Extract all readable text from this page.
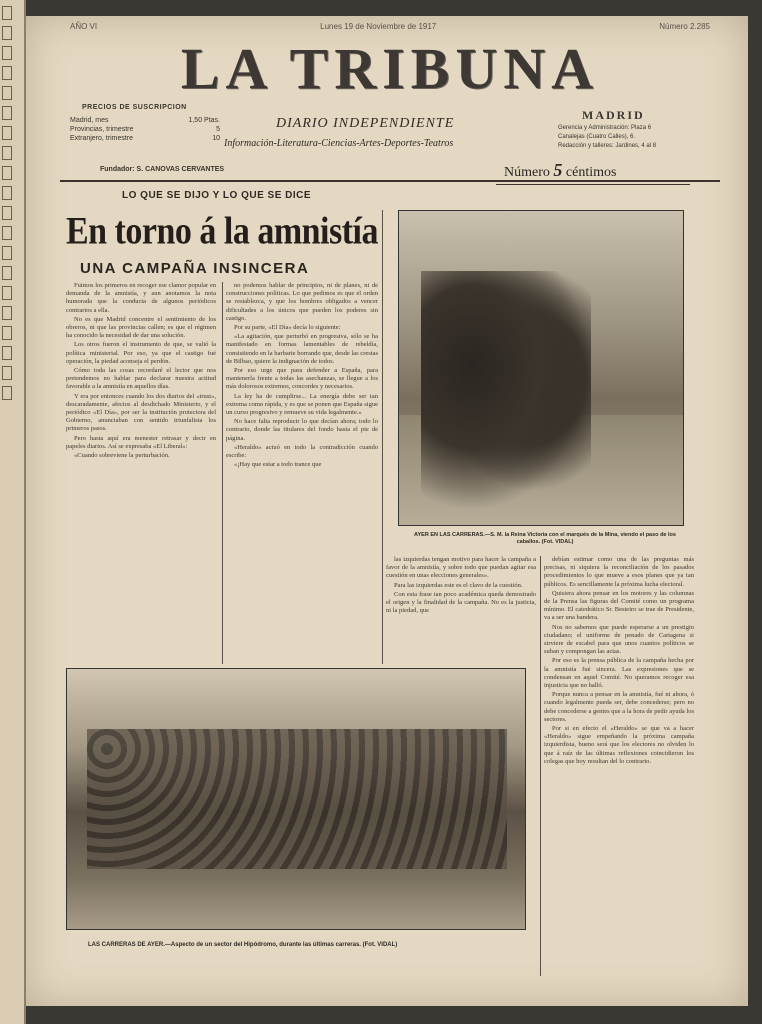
AÑO VI	Lunes 19 de Noviembre de 1917	Número 2.285
LA TRIBUNA
MADRID
DIARIO INDEPENDIENTE
Información-Literatura-Ciencias-Artes-Deportes-Teatros
PRECIOS DE SUSCRIPCION
Madrid, mes	1,50 Ptas.
Provincias, trimestre	5
Extranjero, trimestre	10
Fundador: S. CANOVAS CERVANTES
Gerencia y Administración: Plaza 6
Canalejas (Cuatro Calles), 6.
Redacción y talleres: Jardines, 4 al 8
Número 5 céntimos
LO QUE SE DIJO Y LO QUE SE DICE
En torno á la amnistía
UNA CAMPAÑA INSINCERA

Fuimos los primeros en recoger ese clamor popular en demanda de la amnistía, y aun anotamos la nota humorada que la conducta de algunos periódicos contrarios a ella.

No es que Madrid concentre el sentimiento de los obreros, ni que las provincias callen; es que el régimen ha conocido la necesidad de dar una solución.

Los otros fueron el instrumento de que, se valió la política ministerial. Por eso, ya que el castigo fué operación, la piedad aconseja el perdón.

Cómo toda las cosas recordaré el lector que nos pretendemos no hablar para declarar nuestra actitud favorable a la amnistía en aquellos días.

Y era por entonces cuando los dos diarios del «trust», descaradamente, afectos al desdichado Ministerio, y el periódico «El Día», por ser la institución protectora del Gobierno, anunciaban con sentido triunfalista los primeros pasos.

Pero hasta aquí era menester retrasar y decir en papeles diarios. Así se expresaba «El Liberal»:

«Cuando sobreviene la perturbación.

no podemos hablar de principios, ni de planes, ni de construcciones políticas. Lo que pedimos es que el orden se restablezca, y que los hombres obligados a vencer dificultades a los únicos que pueden los poderes sin castigo.

Por su parte, «El Día» decía lo siguiente:

«La agitación, que perturbó en progresiva, sólo se ha manifestado en formas lamentables de rebeldía, consistiendo en la barbarie borrando que, desde las crestas de Bilbao, quiere la indignación de todos.

Por eso urge que para defender a España, para mantenerla frente a todas las asechanzas, se llegue a los más dolorosos extremos, concordes y necesarios.

La ley ha de cumplirse... La energía debe ser tan extrema como rápida, y es que se ponen que España sigue un curso progresivo y remueve su vida legalmente.»

No hace falta reproducir lo que decían ahora; todo lo contrario, donde las titulares del fondo hasta el pie de página.

«Heraldo» actuó en todo la contradicción cuando escribe:

«¡Hay que estar a todo trance que

AYER EN LAS CARRERAS.—S. M. la Reina Victoria con el marqués de la Mina, viendo el paso de los caballos. (Fot. VIDAL)

las izquierdas tengan motivo para hacer la campaña a favor de la amnistía, y sobre todo que puedan agitar esa cuestión en unas elecciones generales».

Para las izquierdas este es el clavo de la cuestión.

Con esta frase tan poco académica queda demostrado el origen y la finalidad de la campaña. No es la justicia, ni la piedad, que

debían estimar como una de las preguntas más precisas, ni siquiera la reconciliación de los pasados procedimientos lo que mueve a esos planes que ya tan públicos. Es sencillamente la próxima lucha electoral.

Quisiera ahora pensar en los motores y las columnas de la Prensa las figuras del Comité como un programa mínimo. El catedrático Sr. Besteiro se trae de Presidente, va a ser una bandera.

Nos no sabemos que puede esperarse a un prestigio ciudadano; el uniforme de penado de Cartagena si sirviere de escabel para que unos cuantos políticos se suban y compongan las actas.

Por eso es la prensa pública de la campaña hecha por la amnistía fué sincera. Las expresiones que se condensan en aquel Comité. No queramos recoger esa injusticia que no halló.

Porque nunca a pensar en la amnistía, fué ni ahora, ó cuando legalmente pueda ser, debe concederse; pero no debe concederse a gentes que a la hora de pedir ayuda los sectores.

Por si en efecto el «Heraldo» se que va a hacer «Heraldo» sigue empeñando la próxima campaña izquierdista, bueno será que los electores no olviden lo que á raíz de las últimas reflexiones coincidieron los colegas que hoy resultan del lo contrario.

LAS CARRERAS DE AYER.—Aspecto de un sector del Hipódromo, durante las últimas carreras. (Fot. VIDAL)
